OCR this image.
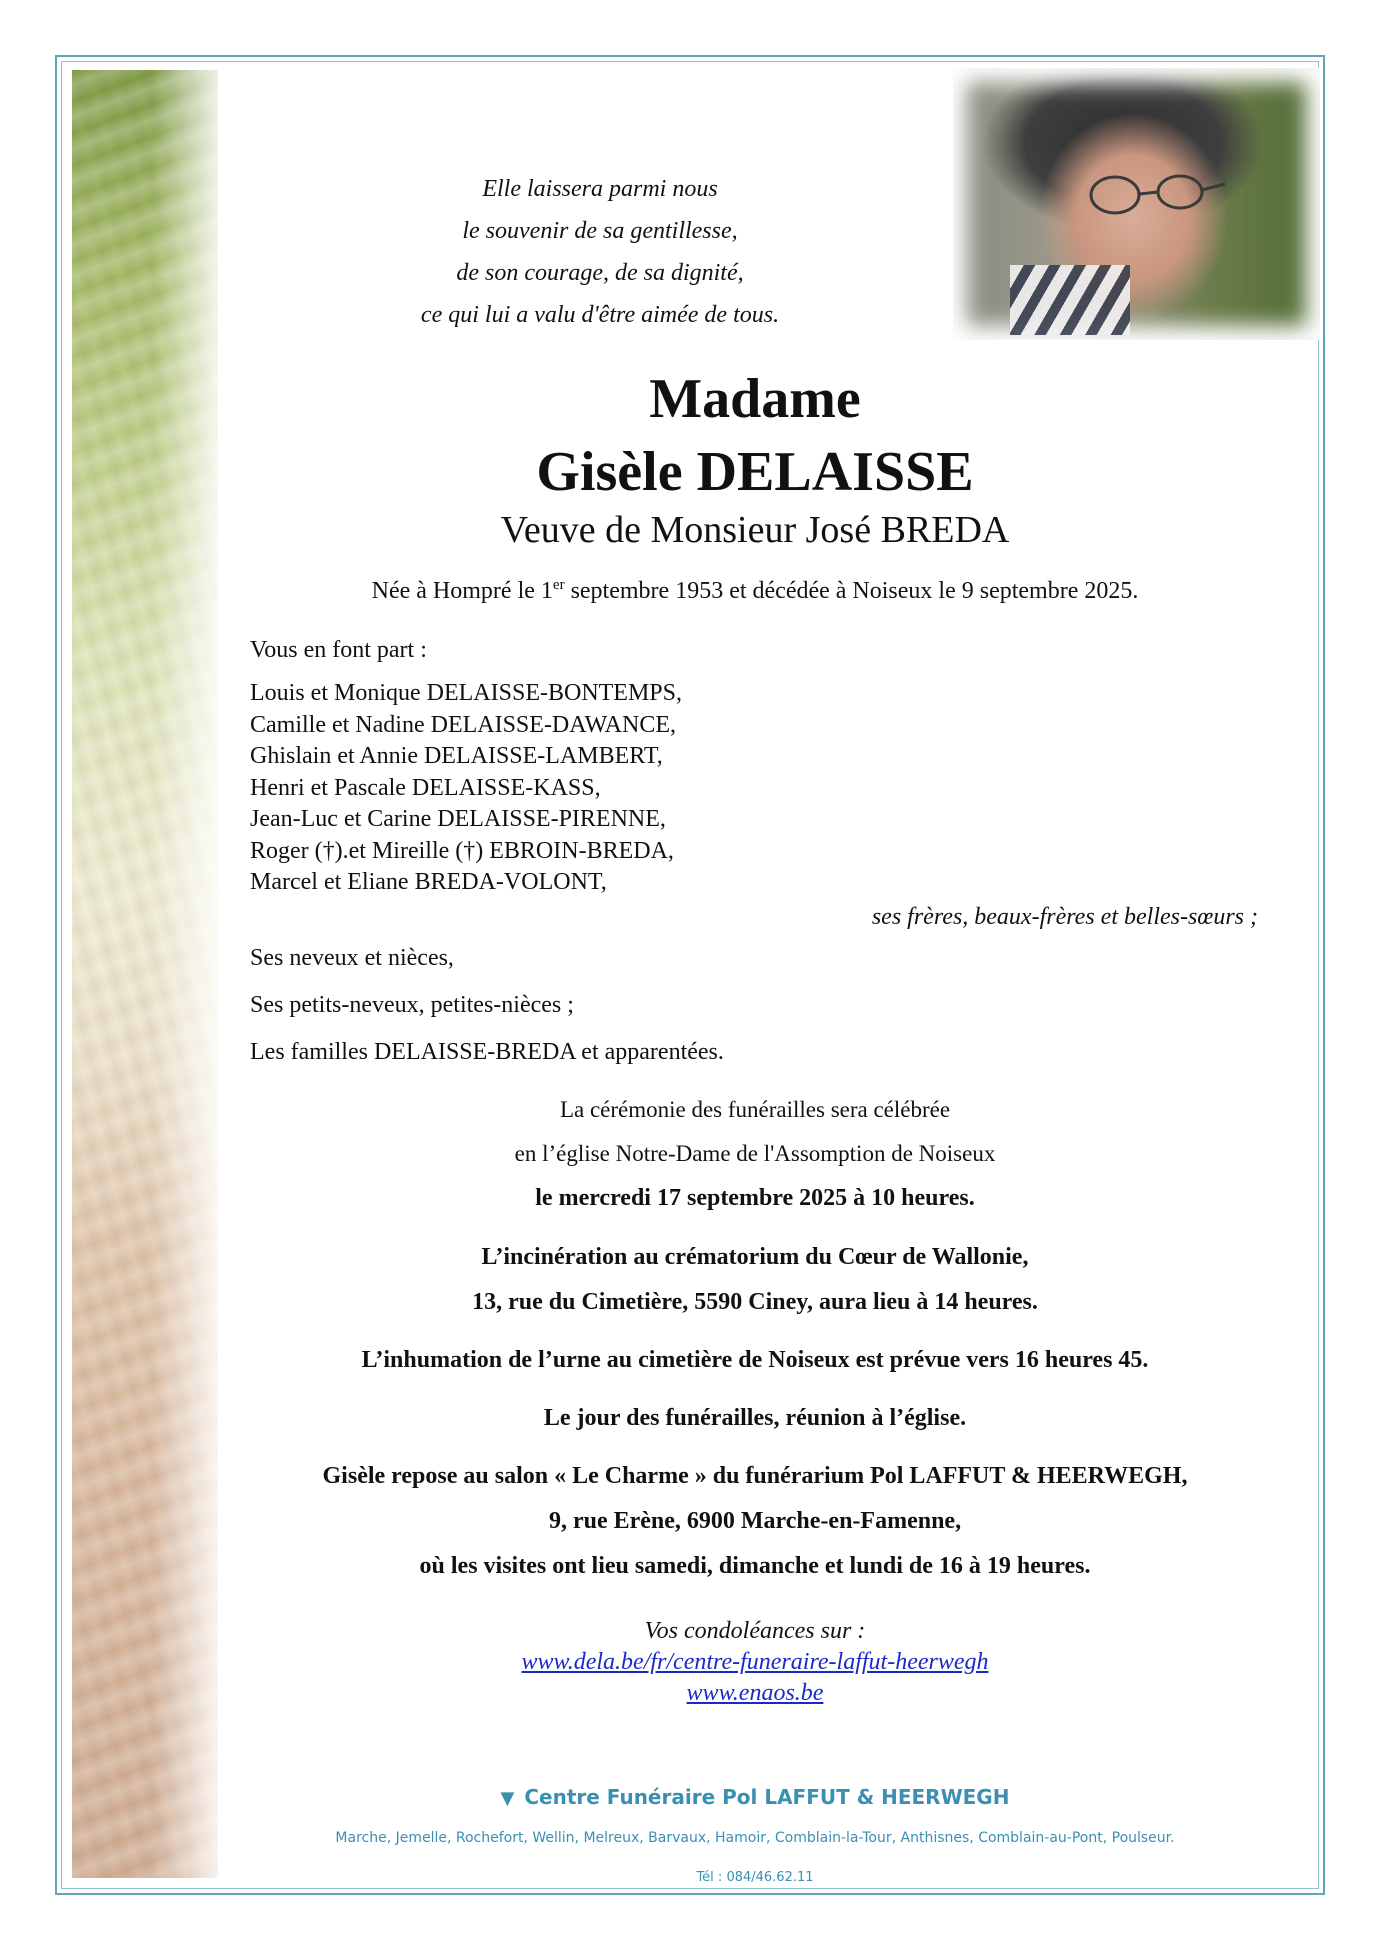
Elle laissera parmi nous
le souvenir de sa gentillesse,
de son courage, de sa dignité,
ce qui lui a valu d'être aimée de tous.
Madame
Gisèle DELAISSE
Veuve de Monsieur José BREDA
Née à Hompré le 1er septembre 1953 et décédée à Noiseux le 9 septembre 2025.
Vous en font part :
Louis et Monique DELAISSE-BONTEMPS,
Camille et Nadine DELAISSE-DAWANCE,
Ghislain et Annie DELAISSE-LAMBERT,
Henri et Pascale DELAISSE-KASS,
Jean-Luc et Carine DELAISSE-PIRENNE,
Roger (†).et Mireille (†) EBROIN-BREDA,
Marcel et Eliane BREDA-VOLONT,
ses frères, beaux-frères et belles-sœurs ;
Ses neveux et nièces,
Ses petits-neveux, petites-nièces ;
Les familles DELAISSE-BREDA et apparentées.
La cérémonie des funérailles sera célébrée
en l’église Notre-Dame de l'Assomption de Noiseux
le mercredi 17 septembre 2025 à 10 heures.
L’incinération au crématorium du Cœur de Wallonie,
13, rue du Cimetière, 5590 Ciney, aura lieu à 14 heures.
L’inhumation de l’urne au cimetière de Noiseux est prévue vers 16 heures 45.
Le jour des funérailles, réunion à l’église.
Gisèle repose au salon « Le Charme » du funérarium Pol LAFFUT & HEERWEGH,
9, rue Erène, 6900 Marche-en-Famenne,
où les visites ont lieu samedi, dimanche et lundi de 16 à 19 heures.
Vos condoléances sur :
www.dela.be/fr/centre-funeraire-laffut-heerwegh
www.enaos.be
▼ Centre Funéraire Pol LAFFUT & HEERWEGH
Marche, Jemelle, Rochefort, Wellin, Melreux, Barvaux, Hamoir, Comblain-la-Tour, Anthisnes, Comblain-au-Pont, Poulseur.
Tél : 084/46.62.11
